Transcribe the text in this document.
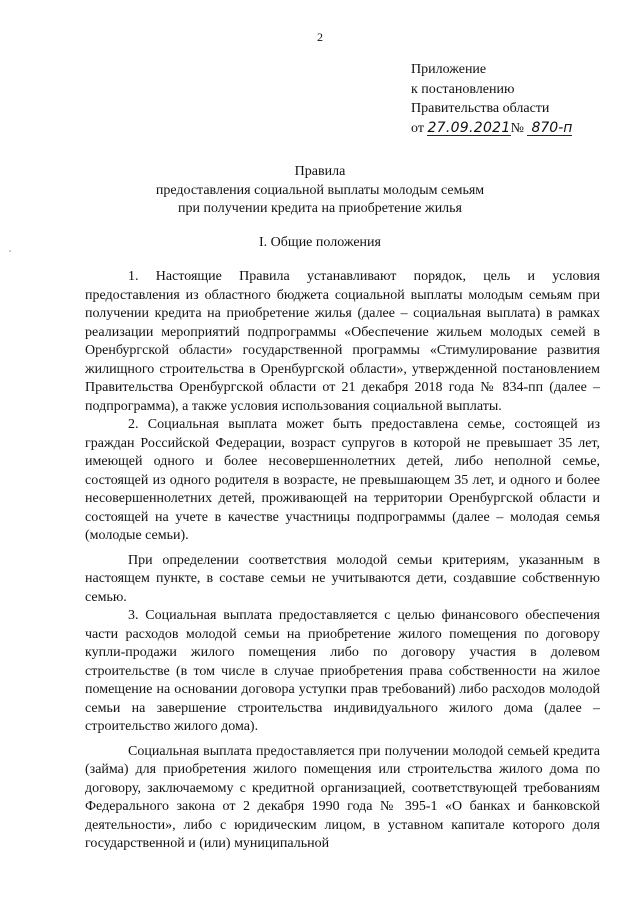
2
Приложение
к постановлению
Правительства области
от 27.09.2021№ 870-п
Правила
предоставления социальной выплаты молодым семьям
при получении кредита на приобретение жилья
I. Общие положения

1. Настоящие Правила устанавливают порядок, цель и условия предоставления из областного бюджета социальной выплаты молодым семьям при получении кредита на приобретение жилья (далее – социальная выплата) в рамках реализации мероприятий подпрограммы «Обеспечение жильем молодых семей в Оренбургской области» государственной программы «Стимулирование развития жилищного строительства в Оренбургской области», утвержденной постановлением Правительства Оренбургской области от 21 декабря 2018 года № 834-пп (далее – подпрограмма), а также условия использования социальной выплаты.

2. Социальная выплата может быть предоставлена семье, состоящей из граждан Российской Федерации, возраст супругов в которой не превышает 35 лет, имеющей одного и более несовершеннолетних детей, либо неполной семье, состоящей из одного родителя в возрасте, не превышающем 35 лет, и одного и более несовершеннолетних детей, проживающей на территории Оренбургской области и состоящей на учете в качестве участницы подпрограммы (далее – молодая семья (молодые семьи).

При определении соответствия молодой семьи критериям, указанным в настоящем пункте, в составе семьи не учитываются дети, создавшие собственную семью.

3. Социальная выплата предоставляется с целью финансового обеспечения части расходов молодой семьи на приобретение жилого помещения по договору купли-продажи жилого помещения либо по договору участия в долевом строительстве (в том числе в случае приобретения права собственности на жилое помещение на основании договора уступки прав требований) либо расходов молодой семьи на завершение строительства индивидуального жилого дома (далее – строительство жилого дома).

Социальная выплата предоставляется при получении молодой семьей кредита (займа) для приобретения жилого помещения или строительства жилого дома по договору, заключаемому с кредитной организацией, соответствующей требованиям Федерального закона от 2 декабря 1990 года № 395-1 «О банках и банковской деятельности», либо с юридическим лицом, в уставном капитале которого доля государственной и (или) муниципальной
